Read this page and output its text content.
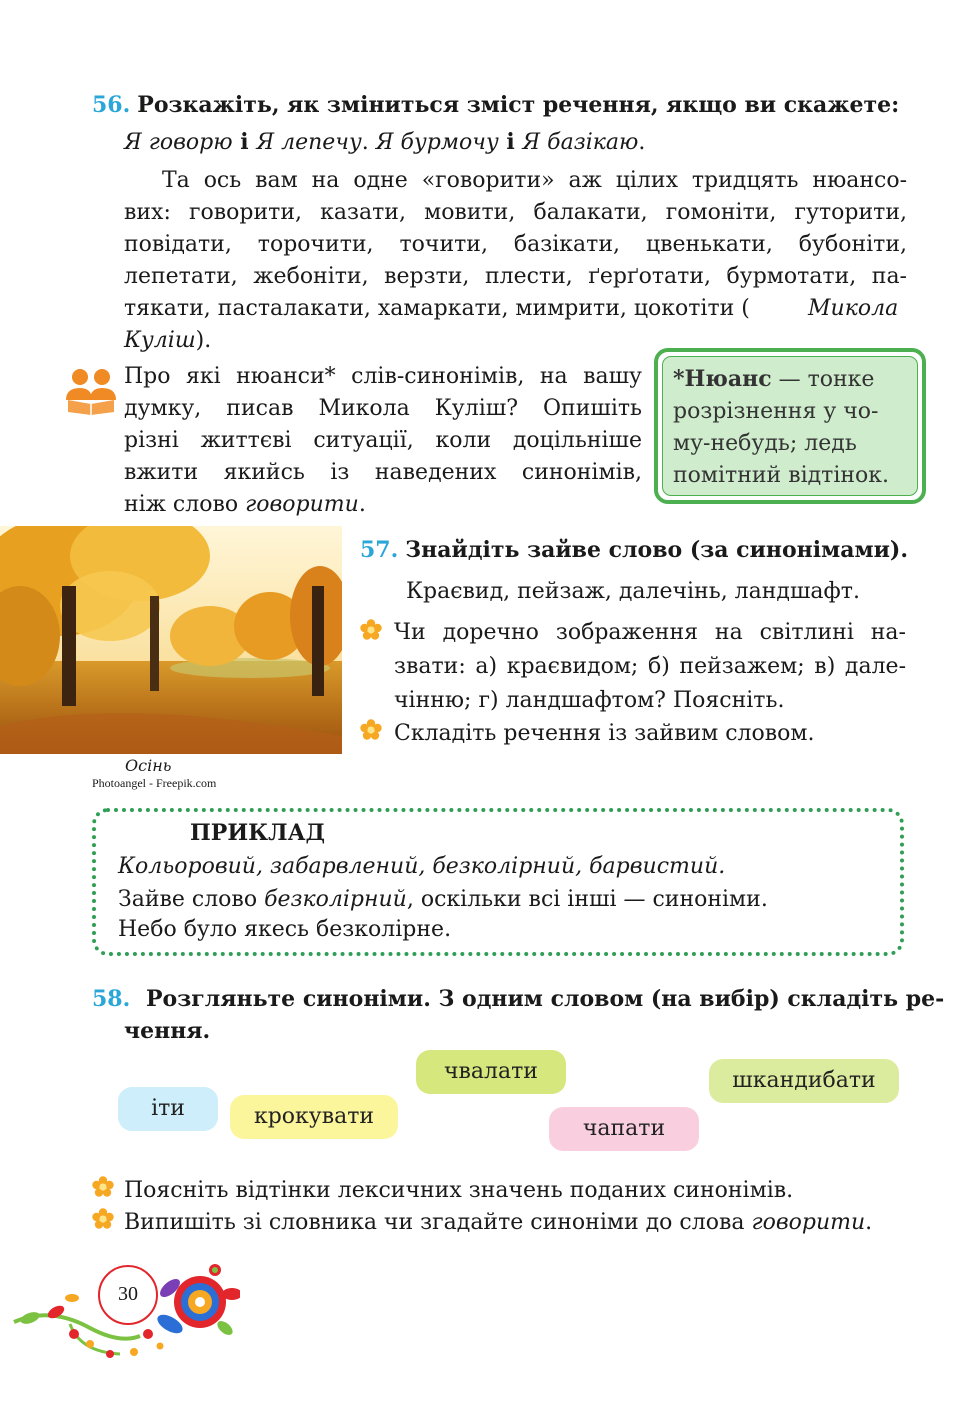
56. Розкажіть, як зміниться зміст речення, якщо ви скажете:
Я говорю і Я лепечу. Я бурмочу і Я базікаю.
Та ось вам на одне «говорити» аж цілих тридцять нюансо-
вих: говорити, казати, мовити, балакати, гомоніти, гуторити,
повідати, торочити, точити, базікати, цвенькати, бубоніти,
лепетати, жебоніти, верзти, плести, ґерґотати, бурмотати, па-
тякати, пасталакати, хамаркати, мимрити, цокотіти (	Микола
Куліш).
Про які нюанси* слів-синонімів, на вашу
думку, писав Микола Куліш? Опишіть
різні життєві ситуації, коли доцільніше
вжити якийсь із наведених синонімів,
ніж слово говорити.
*Нюанс — тонке
розрізнення у чо-
му-небудь; ледь
помітний відтінок.
Осінь
Photoangel - Freepik.com
57. Знайдіть зайве слово (за синонімами).
Краєвид, пейзаж, далечінь, ландшафт.
Чи доречно зображення на світлині на-
звати: а) краєвидом; б) пейзажем; в) дале-
чінню; г) ландшафтом? Поясніть.
Складіть речення із зайвим словом.
ПРИКЛАД
Кольоровий, забарвлений, безколірний, барвистий.
Зайве слово безколірний, оскільки всі інші — синоніми.
Небо було якесь безколірне.
58. Розгляньте синоніми. З одним словом (на вибір) складіть ре-
чення.
чвалати	шкандибати
іти	крокувати	чапати
Поясніть відтінки лексичних значень поданих синонімів.
Випишіть зі словника чи згадайте синоніми до слова говорити.
30
